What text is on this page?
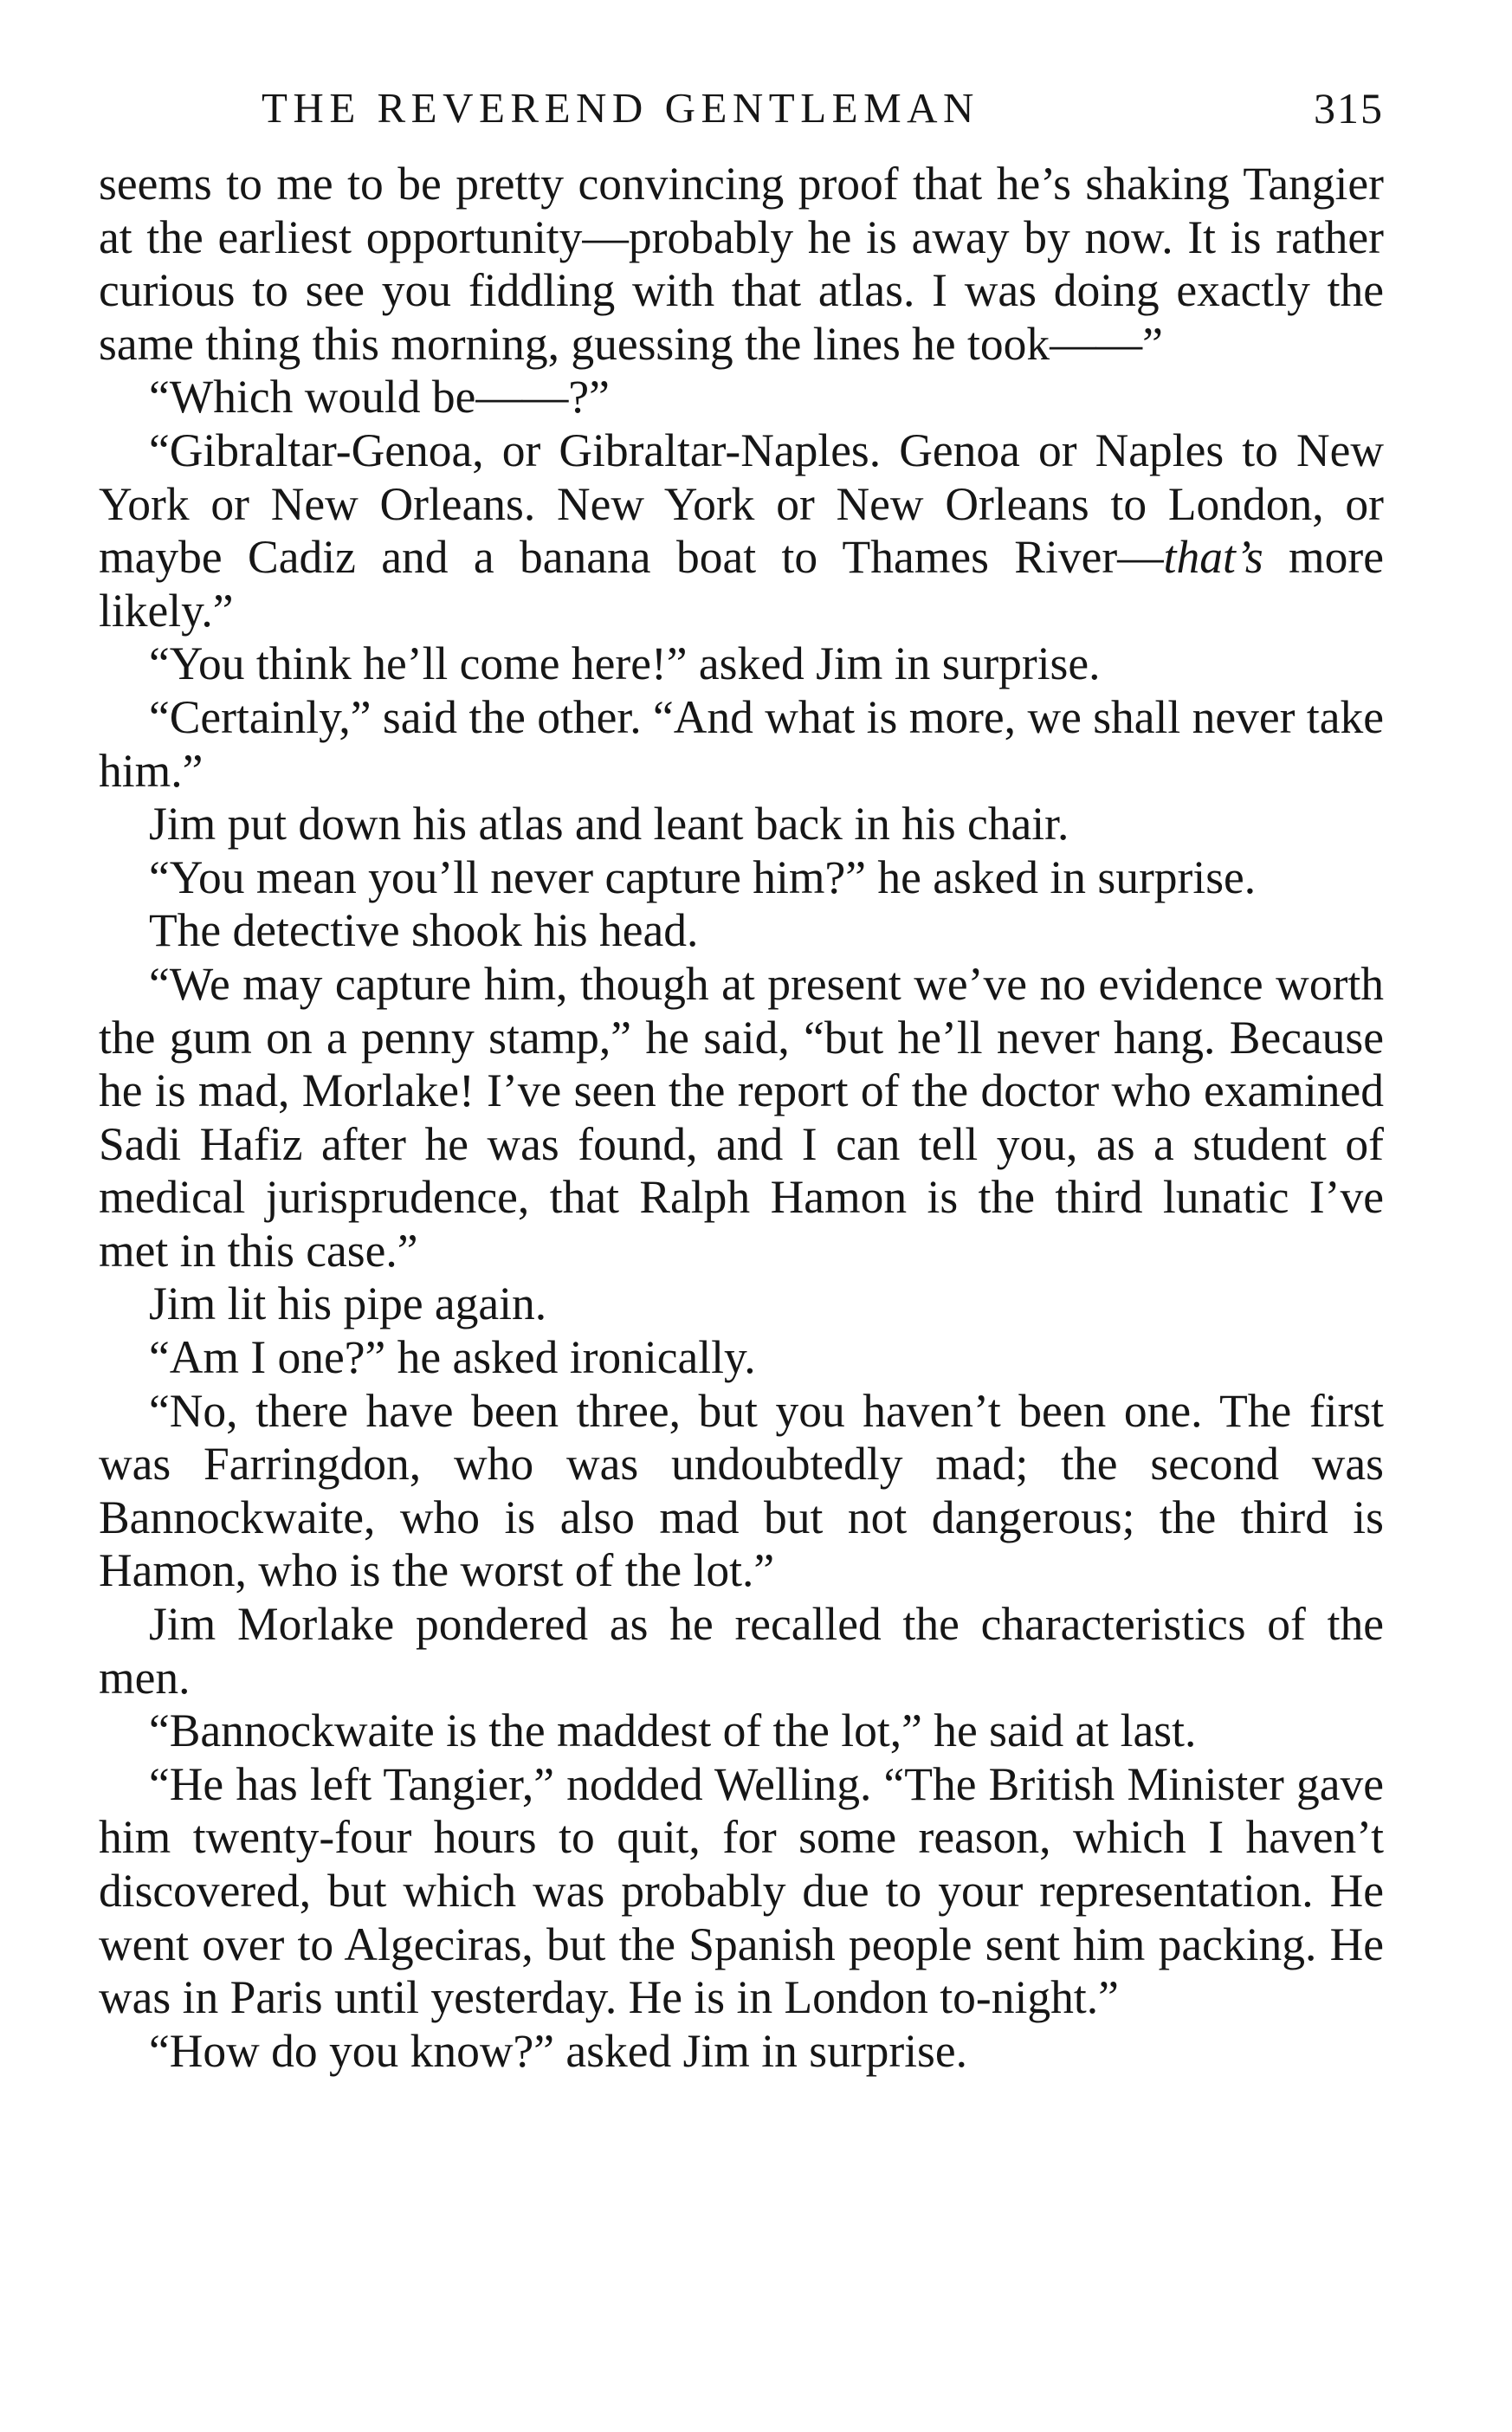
THE REVEREND GENTLEMAN	315

seems to me to be pretty convincing proof that he’s shaking Tangier at the earliest opportunity—probably he is away by now. It is rather curious to see you fiddling with that atlas. I was doing exactly the same thing this morning, guessing the lines he took——”

“Which would be——?”

“Gibraltar-Genoa, or Gibraltar-Naples. Genoa or Naples to New York or New Orleans. New York or New Orleans to London, or maybe Cadiz and a banana boat to Thames River—that’s more likely.”

“You think he’ll come here!” asked Jim in surprise.

“Certainly,” said the other. “And what is more, we shall never take him.”

Jim put down his atlas and leant back in his chair.

“You mean you’ll never capture him?” he asked in surprise.

The detective shook his head.

“We may capture him, though at present we’ve no evidence worth the gum on a penny stamp,” he said, “but he’ll never hang. Because he is mad, Morlake! I’ve seen the report of the doctor who examined Sadi Hafiz after he was found, and I can tell you, as a student of medical jurisprudence, that Ralph Hamon is the third lunatic I’ve met in this case.”

Jim lit his pipe again.

“Am I one?” he asked ironically.

“No, there have been three, but you haven’t been one. The first was Farringdon, who was undoubtedly mad; the second was Bannockwaite, who is also mad but not dangerous; the third is Hamon, who is the worst of the lot.”

Jim Morlake pondered as he recalled the characteristics of the men.

“Bannockwaite is the maddest of the lot,” he said at last.

“He has left Tangier,” nodded Welling. “The British Minister gave him twenty-four hours to quit, for some reason, which I haven’t discovered, but which was probably due to your representation. He went over to Algeciras, but the Spanish people sent him packing. He was in Paris until yesterday. He is in London to-night.”

“How do you know?” asked Jim in surprise.
